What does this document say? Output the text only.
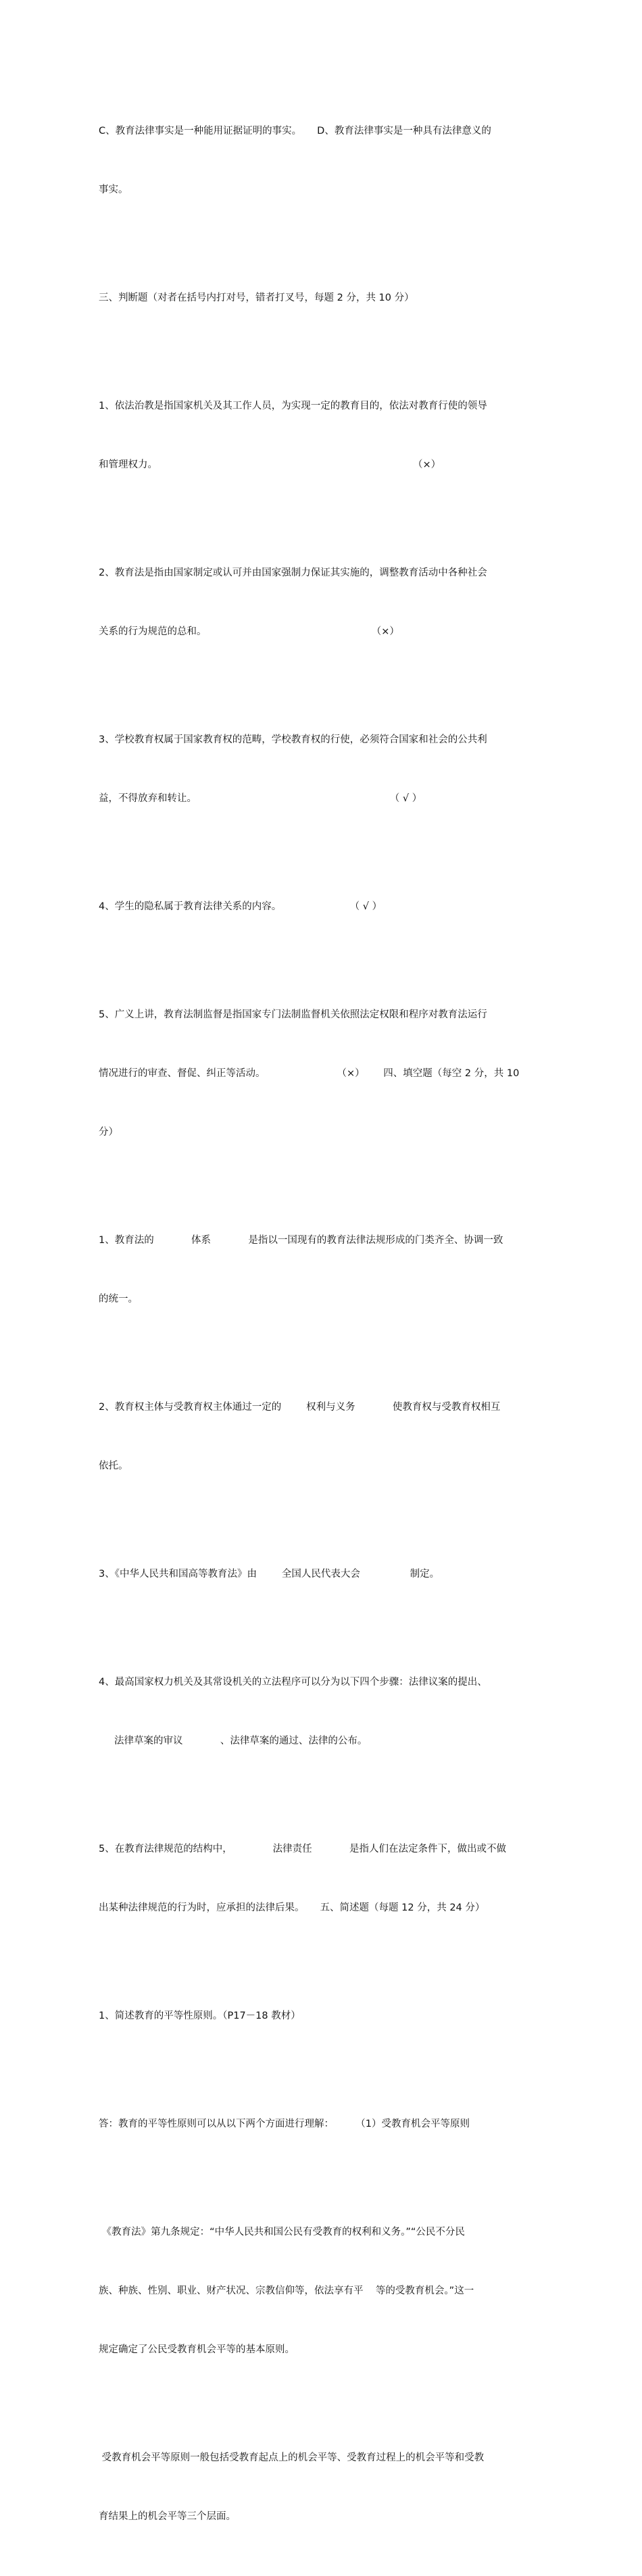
C、教育法律事实是一种能用证据证明的事实。     D、教育法律事实是一种具有法律意义的

事实。

三、判断题（对者在括号内打对号，错者打叉号，每题 2 分，共 10 分）

1、依法治教是指国家机关及其工作人员，为实现一定的教育目的，依法对教育行使的领导

和管理权力。                                                                                  （×）

2、教育法是指由国家制定或认可并由国家强制力保证其实施的，调整教育活动中各种社会

关系的行为规范的总和。                                                     （×）

3、学校教育权属于国家教育权的范畴，学校教育权的行使，必须符合国家和社会的公共利

益，不得放弃和转让。                                                              （ √ ）

4、学生的隐私属于教育法律关系的内容。                      （ √ ）

5、广义上讲，教育法制监督是指国家专门法制监督机关依照法定权限和程序对教育法运行

情况进行的审查、督促、纠正等活动。                       （×）      四、填空题（每空 2 分，共 10

分）

1、教育法的            体系            是指以一国现有的教育法律法规形成的门类齐全、协调一致

的统一。

2、教育权主体与受教育权主体通过一定的        权利与义务            使教育权与受教育权相互

依托。

3、《中华人民共和国高等教育法》由        全国人民代表大会                制定。

4、最高国家权力机关及其常设机关的立法程序可以分为以下四个步骤：法律议案的提出、

法律草案的审议            、法律草案的通过、法律的公布。

5、在教育法律规范的结构中，             法律责任            是指人们在法定条件下，做出或不做

出某种法律规范的行为时，应承担的法律后果。     五、简述题（每题 12 分，共 24 分）

1、简述教育的平等性原则。（P17－18 教材）

答：教育的平等性原则可以从以下两个方面进行理解：       （1）受教育机会平等原则

《教育法》第九条规定：“中华人民共和国公民有受教育的权利和义务。”“公民不分民

族、种族、性别、职业、财产状况、宗教信仰等，依法享有平    等的受教育机会。”这一

规定确定了公民受教育机会平等的基本原则。

受教育机会平等原则一般包括受教育起点上的机会平等、受教育过程上的机会平等和受教

育结果上的机会平等三个层面。
